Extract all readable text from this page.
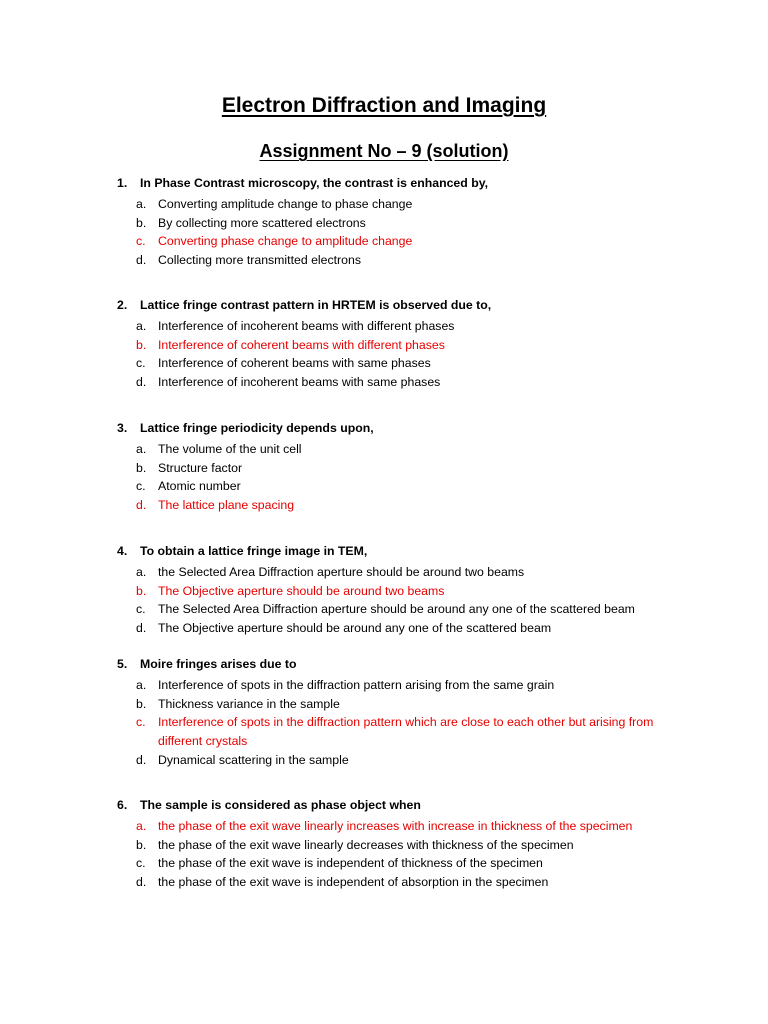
Electron Diffraction and Imaging
Assignment No – 9 (solution)
1. In Phase Contrast microscopy, the contrast is enhanced by,
a. Converting amplitude change to phase change
b. By collecting more scattered electrons
c. Converting phase change to amplitude change
d. Collecting more transmitted electrons
2. Lattice fringe contrast pattern in HRTEM is observed due to,
a. Interference of incoherent beams with different phases
b. Interference of coherent beams with different phases
c. Interference of coherent beams with same phases
d. Interference of incoherent beams with same phases
3. Lattice fringe periodicity depends upon,
a. The volume of the unit cell
b. Structure factor
c. Atomic number
d. The lattice plane spacing
4. To obtain a lattice fringe image in TEM,
a. the Selected Area Diffraction aperture should be around two beams
b. The Objective aperture should be around two beams
c. The Selected Area Diffraction aperture should be around any one of the scattered beam
d. The Objective aperture should be around any one of the scattered beam
5. Moire fringes arises due to
a. Interference of spots in the diffraction pattern arising from the same grain
b. Thickness variance in the sample
c. Interference of spots in the diffraction pattern which are close to each other but arising from different crystals
d. Dynamical scattering in the sample
6. The sample is considered as phase object when
a. the phase of the exit wave linearly increases with increase in thickness of the specimen
b. the phase of the exit wave linearly decreases with thickness of the specimen
c. the phase of the exit wave is independent of thickness of the specimen
d. the phase of the exit wave is independent of absorption in the specimen
